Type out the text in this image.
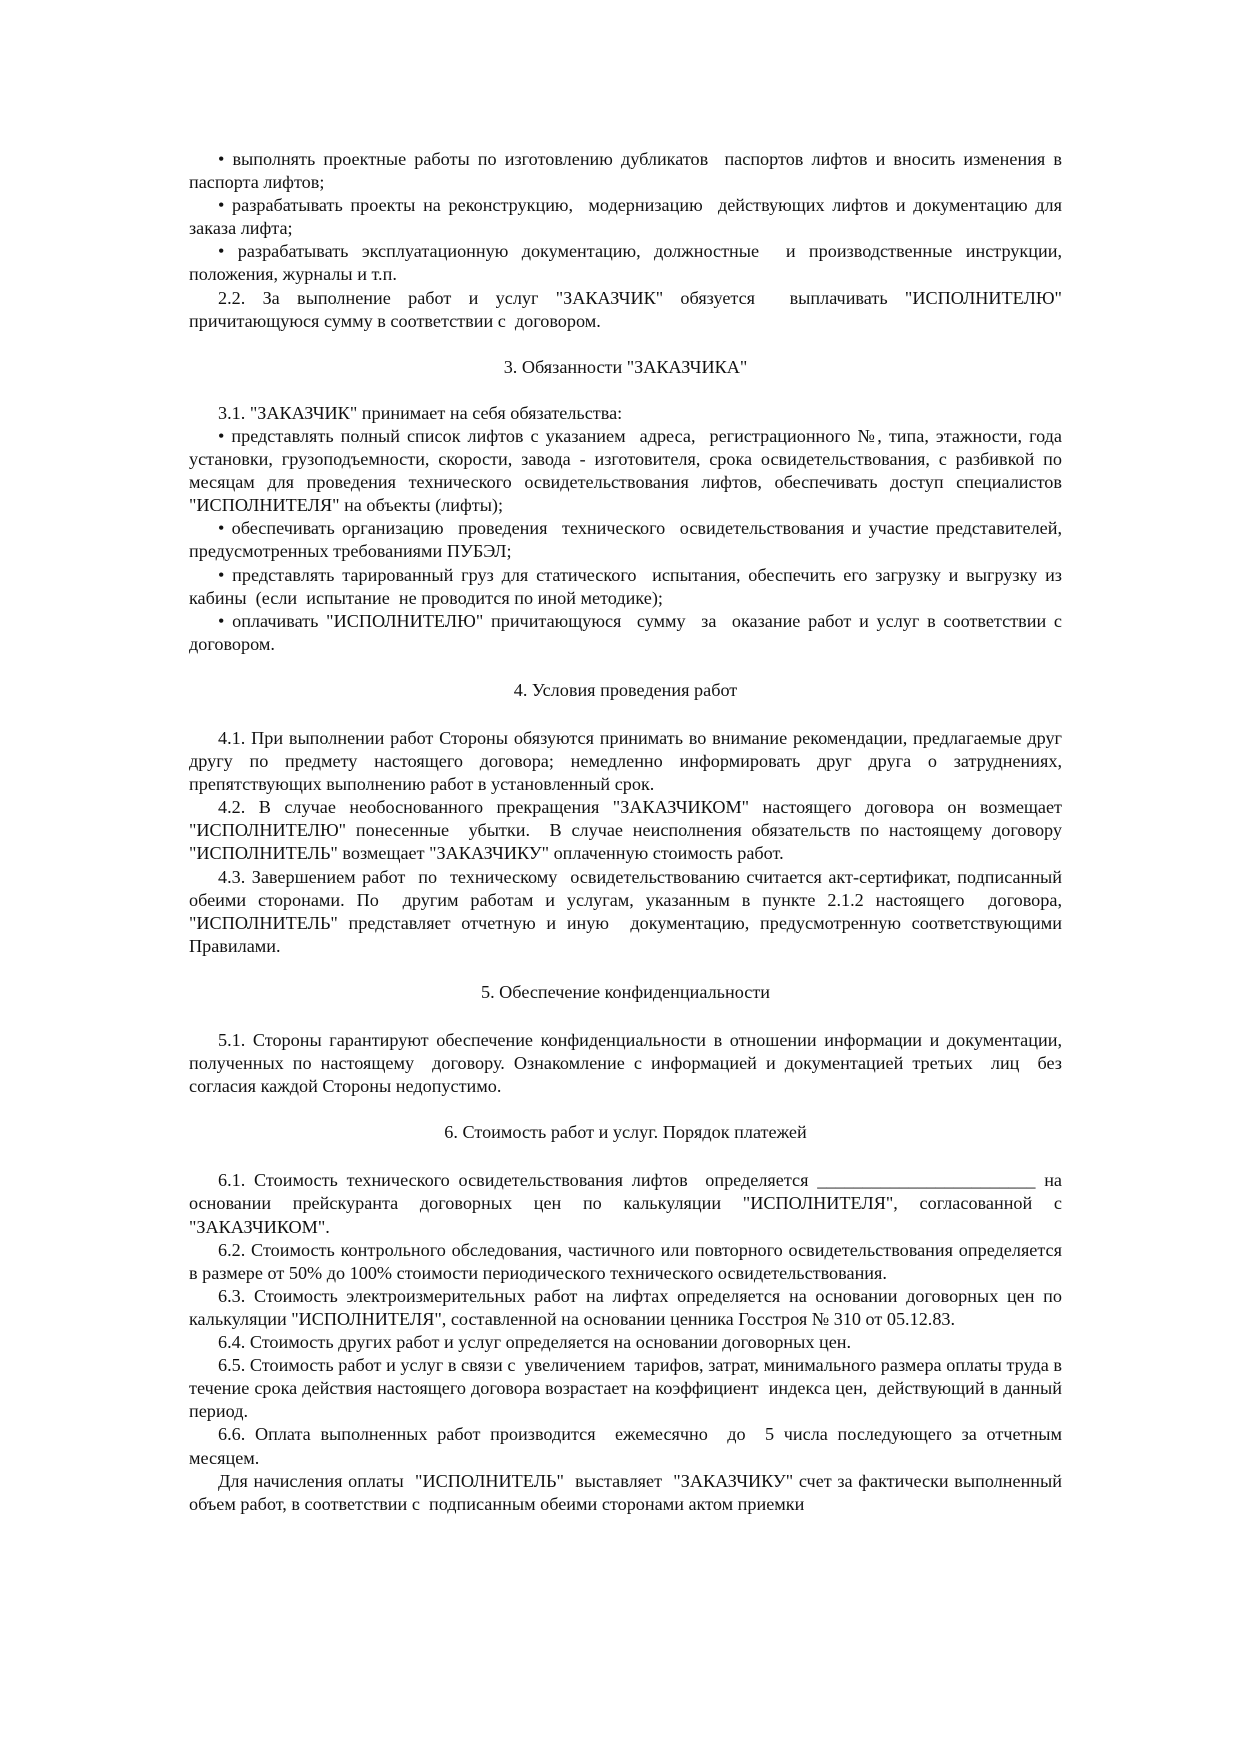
• выполнять проектные работы по изготовлению дубликатов  паспортов лифтов и вносить изменения в паспорта лифтов;

• разрабатывать проекты на реконструкцию,  модернизацию  действующих лифтов и документацию для заказа лифта;

• разрабатывать эксплуатационную документацию, должностные  и производственные инструкции, положения, журналы и т.п.

2.2. За выполнение работ и услуг "ЗАКАЗЧИК" обязуется  выплачивать "ИСПОЛНИТЕЛЮ" причитающуюся сумму в соответствии с  договором.

3. Обязанности "ЗАКАЗЧИКА"

3.1. "ЗАКАЗЧИК" принимает на себя обязательства:

• представлять полный список лифтов с указанием  адреса,  регистрационного №, типа, этажности, года установки, грузоподъемности, скорости, завода - изготовителя, срока освидетельствования, с разбивкой по месяцам для проведения технического освидетельствования лифтов, обеспечивать доступ специалистов "ИСПОЛНИТЕЛЯ" на объекты (лифты);

• обеспечивать организацию  проведения  технического  освидетельствования и участие представителей, предусмотренных требованиями ПУБЭЛ;

• представлять тарированный груз для статического  испытания, обеспечить его загрузку и выгрузку из кабины  (если  испытание  не проводится по иной методике);

• оплачивать "ИСПОЛНИТЕЛЮ" причитающуюся  сумму  за  оказание работ и услуг в соответствии с договором.

4. Условия проведения работ

4.1. При выполнении работ Стороны обязуются принимать во внимание рекомендации, предлагаемые друг другу по предмету настоящего договора; немедленно информировать друг друга о затруднениях, препятствующих выполнению работ в установленный срок.

4.2. В случае необоснованного прекращения "ЗАКАЗЧИКОМ" настоящего договора он возмещает "ИСПОЛНИТЕЛЮ" понесенные  убытки.  В случае неисполнения обязательств по настоящему договору  "ИСПОЛНИТЕЛЬ" возмещает "ЗАКАЗЧИКУ" оплаченную стоимость работ.

4.3. Завершением работ  по  техническому  освидетельствованию считается акт-сертификат, подписанный обеими сторонами. По  другим работам и услугам, указанным в пункте 2.1.2 настоящего  договора, "ИСПОЛНИТЕЛЬ" представляет отчетную и иную  документацию, предусмотренную соответствующими Правилами.

5. Обеспечение конфиденциальности

5.1. Стороны гарантируют обеспечение конфиденциальности в отношении информации и документации, полученных по настоящему  договору. Ознакомление с информацией и документацией третьих  лиц  без согласия каждой Стороны недопустимо.

6. Стоимость работ и услуг. Порядок платежей

6.1. Стоимость технического освидетельствования лифтов  определяется ________________________ на основании прейскуранта договорных цен по калькуляции "ИСПОЛНИТЕЛЯ", согласованной с "ЗАКАЗЧИКОМ".

6.2. Стоимость контрольного обследования, частичного или повторного освидетельствования определяется в размере от 50% до 100% стоимости периодического технического освидетельствования.

6.3. Стоимость электроизмерительных работ на лифтах определяется на основании договорных цен по калькуляции "ИСПОЛНИТЕЛЯ", составленной на основании ценника Госстроя № 310 от 05.12.83.

6.4. Стоимость других работ и услуг определяется на основании договорных цен.

6.5. Стоимость работ и услуг в связи с  увеличением  тарифов, затрат, минимального размера оплаты труда в течение срока действия настоящего договора возрастает на коэффициент  индекса цен,  действующий в данный период.

6.6. Оплата выполненных работ производится  ежемесячно  до  5 числа последующего за отчетным месяцем.

Для начисления оплаты  "ИСПОЛНИТЕЛЬ"  выставляет  "ЗАКАЗЧИКУ" счет за фактически выполненный объем работ, в соответствии с  подписанным обеими сторонами актом приемки
